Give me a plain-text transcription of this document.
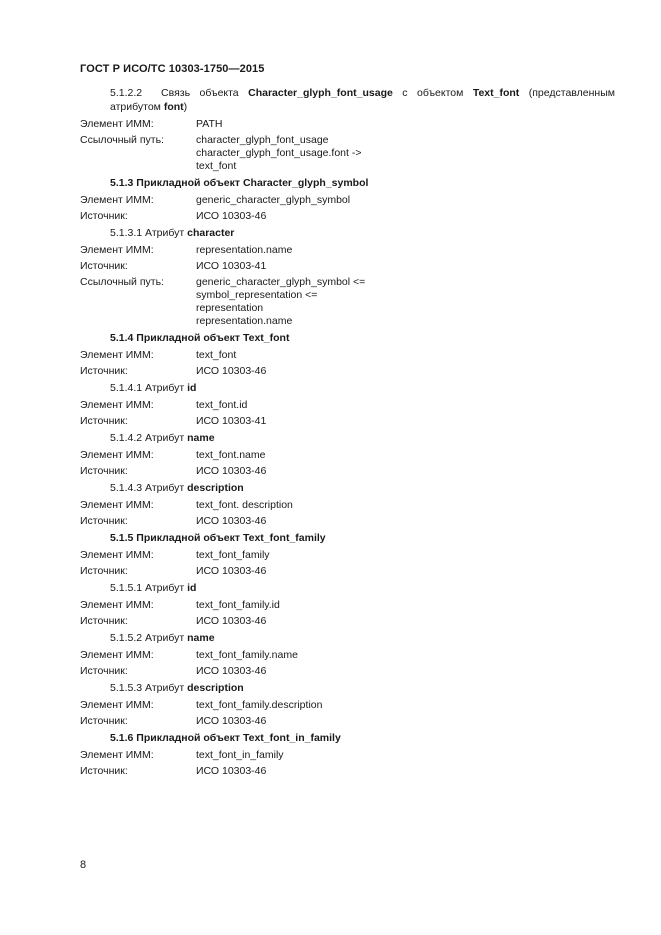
ГОСТ Р ИСО/ТС 10303-1750—2015
5.1.2.2 Связь объекта Character_glyph_font_usage с объектом Text_font (представленным атрибутом font)
Элемент ИММ:	PATH
Ссылочный путь:	character_glyph_font_usage
character_glyph_font_usage.font ->
text_font
5.1.3 Прикладной объект Character_glyph_symbol
Элемент ИММ:	generic_character_glyph_symbol
Источник:	ИСО 10303-46
5.1.3.1 Атрибут character
Элемент ИММ:	representation.name
Источник:	ИСО 10303-41
Ссылочный путь:	generic_character_glyph_symbol <=
symbol_representation <=
representation
representation.name
5.1.4 Прикладной объект Text_font
Элемент ИММ:	text_font
Источник:	ИСО 10303-46
5.1.4.1 Атрибут id
Элемент ИММ:	text_font.id
Источник:	ИСО 10303-41
5.1.4.2 Атрибут name
Элемент ИММ:	text_font.name
Источник:	ИСО 10303-46
5.1.4.3 Атрибут description
Элемент ИММ:	text_font. description
Источник:	ИСО 10303-46
5.1.5 Прикладной объект Text_font_family
Элемент ИММ:	text_font_family
Источник:	ИСО 10303-46
5.1.5.1 Атрибут id
Элемент ИММ:	text_font_family.id
Источник:	ИСО 10303-46
5.1.5.2 Атрибут name
Элемент ИММ:	text_font_family.name
Источник:	ИСО 10303-46
5.1.5.3 Атрибут description
Элемент ИММ:	text_font_family.description
Источник:	ИСО 10303-46
5.1.6 Прикладной объект Text_font_in_family
Элемент ИММ:	text_font_in_family
Источник:	ИСО 10303-46
8
